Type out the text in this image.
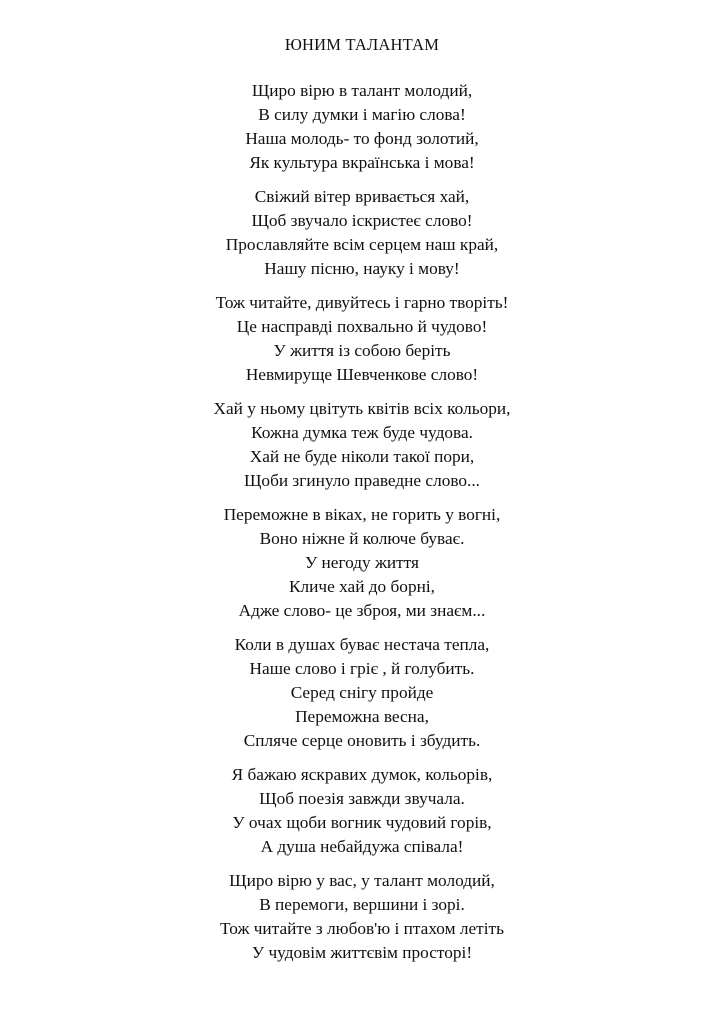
ЮНИМ ТАЛАНТАМ
Щиро вірю в талант молодий,
В силу думки і магію слова!
Наша молодь- то фонд золотий,
Як культура вкраїнська і мова!
Свіжий вітер вривається хай,
Щоб звучало іскристеє слово!
Прославляйте всім серцем наш край,
Нашу пісню, науку і мову!
Тож читайте, дивуйтесь і гарно творіть!
Це насправді похвально й чудово!
У життя із собою беріть
Невмируще Шевченкове слово!
Хай у ньому цвітуть квітів всіх кольори,
Кожна думка теж буде чудова.
Хай не буде ніколи такої пори,
Щоби згинуло праведне слово...
Переможне в віках, не горить у вогні,
Воно ніжне й колюче буває.
У негоду життя
Кличе хай до борні,
Адже слово- це зброя, ми знаєм...
Коли в душах буває нестача тепла,
Наше слово і гріє , й голубить.
Серед снігу пройде
Переможна весна,
Спляче серце оновить і збудить.
Я бажаю яскравих думок, кольорів,
Щоб поезія завжди звучала.
У очах щоби вогник чудовий горів,
А душа небайдужа співала!
Щиро вірю у вас, у талант молодий,
В перемоги, вершини і зорі.
Тож читайте з любов'ю і птахом летіть
У чудовім життєвім просторі!
